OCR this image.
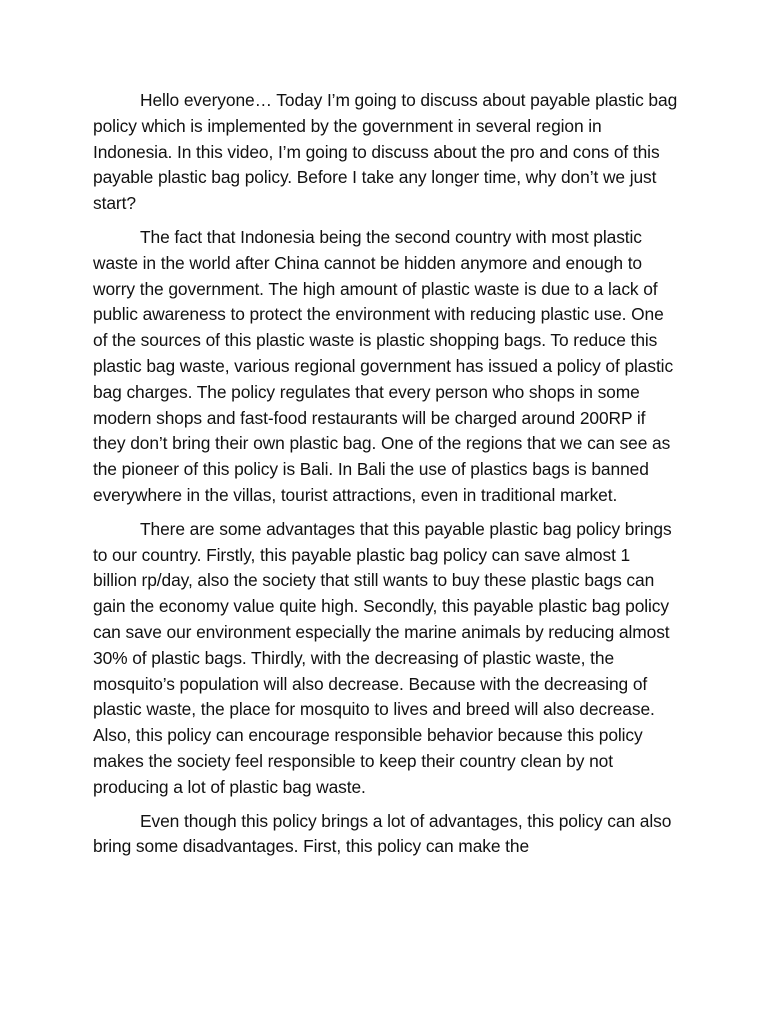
Hello everyone… Today I’m going to discuss about payable plastic bag policy which is implemented by the government in several region in Indonesia. In this video, I’m going to discuss about the pro and cons of this payable plastic bag policy. Before I take any longer time, why don’t we just start?

The fact that Indonesia being the second country with most plastic waste in the world after China cannot be hidden anymore and enough to worry the government. The high amount of plastic waste is due to a lack of public awareness to protect the environment with reducing plastic use. One of the sources of this plastic waste is plastic shopping bags. To reduce this plastic bag waste, various regional government has issued a policy of plastic bag charges. The policy regulates that every person who shops in some modern shops and fast-food restaurants will be charged around 200RP if they don’t bring their own plastic bag. One of the regions that we can see as the pioneer of this policy is Bali. In Bali the use of plastics bags is banned everywhere in the villas, tourist attractions, even in traditional market.

There are some advantages that this payable plastic bag policy brings to our country. Firstly, this payable plastic bag policy can save almost 1 billion rp/day, also the society that still wants to buy these plastic bags can gain the economy value quite high. Secondly, this payable plastic bag policy can save our environment especially the marine animals by reducing almost 30% of plastic bags. Thirdly, with the decreasing of plastic waste, the mosquito’s population will also decrease. Because with the decreasing of plastic waste, the place for mosquito to lives and breed will also decrease. Also, this policy can encourage responsible behavior because this policy makes the society feel responsible to keep their country clean by not producing a lot of plastic bag waste.

Even though this policy brings a lot of advantages, this policy can also bring some disadvantages. First, this policy can make the
